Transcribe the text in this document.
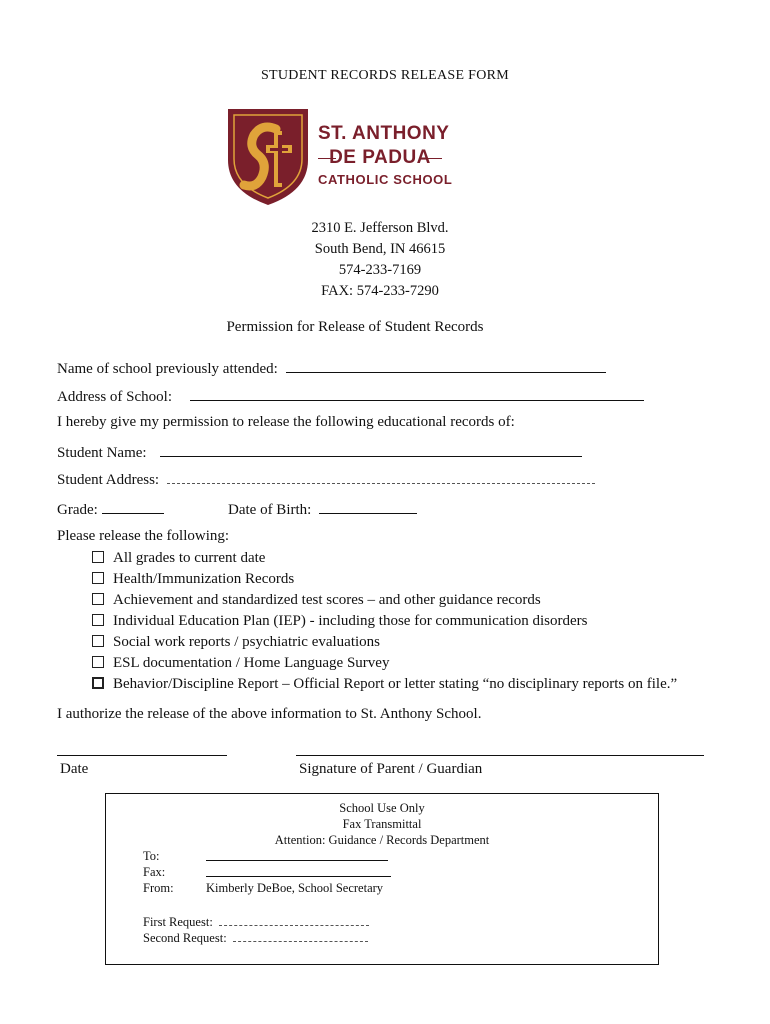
STUDENT RECORDS RELEASE FORM
ST. ANTHONY
DE PADUA
CATHOLIC SCHOOL
2310 E. Jefferson Blvd.
South Bend, IN 46615
574-233-7169
FAX: 574-233-7290
Permission for Release of Student Records
Name of school previously attended:
Address of School:
I hereby give my permission to release the following educational records of:
Student Name:
Student Address:
Grade:	Date of Birth:
Please release the following:
All grades to current date
Health/Immunization Records
Achievement and standardized test scores – and other guidance records
Individual Education Plan (IEP) - including those for communication disorders
Social work reports / psychiatric evaluations
ESL documentation / Home Language Survey
Behavior/Discipline Report – Official Report or letter stating “no disciplinary reports on file.”
I authorize the release of the above information to St. Anthony School.
Date	Signature of Parent / Guardian
School Use Only
Fax Transmittal
Attention: Guidance / Records Department
To:
Fax:
From:	Kimberly DeBoe, School Secretary
First Request:
Second Request:
